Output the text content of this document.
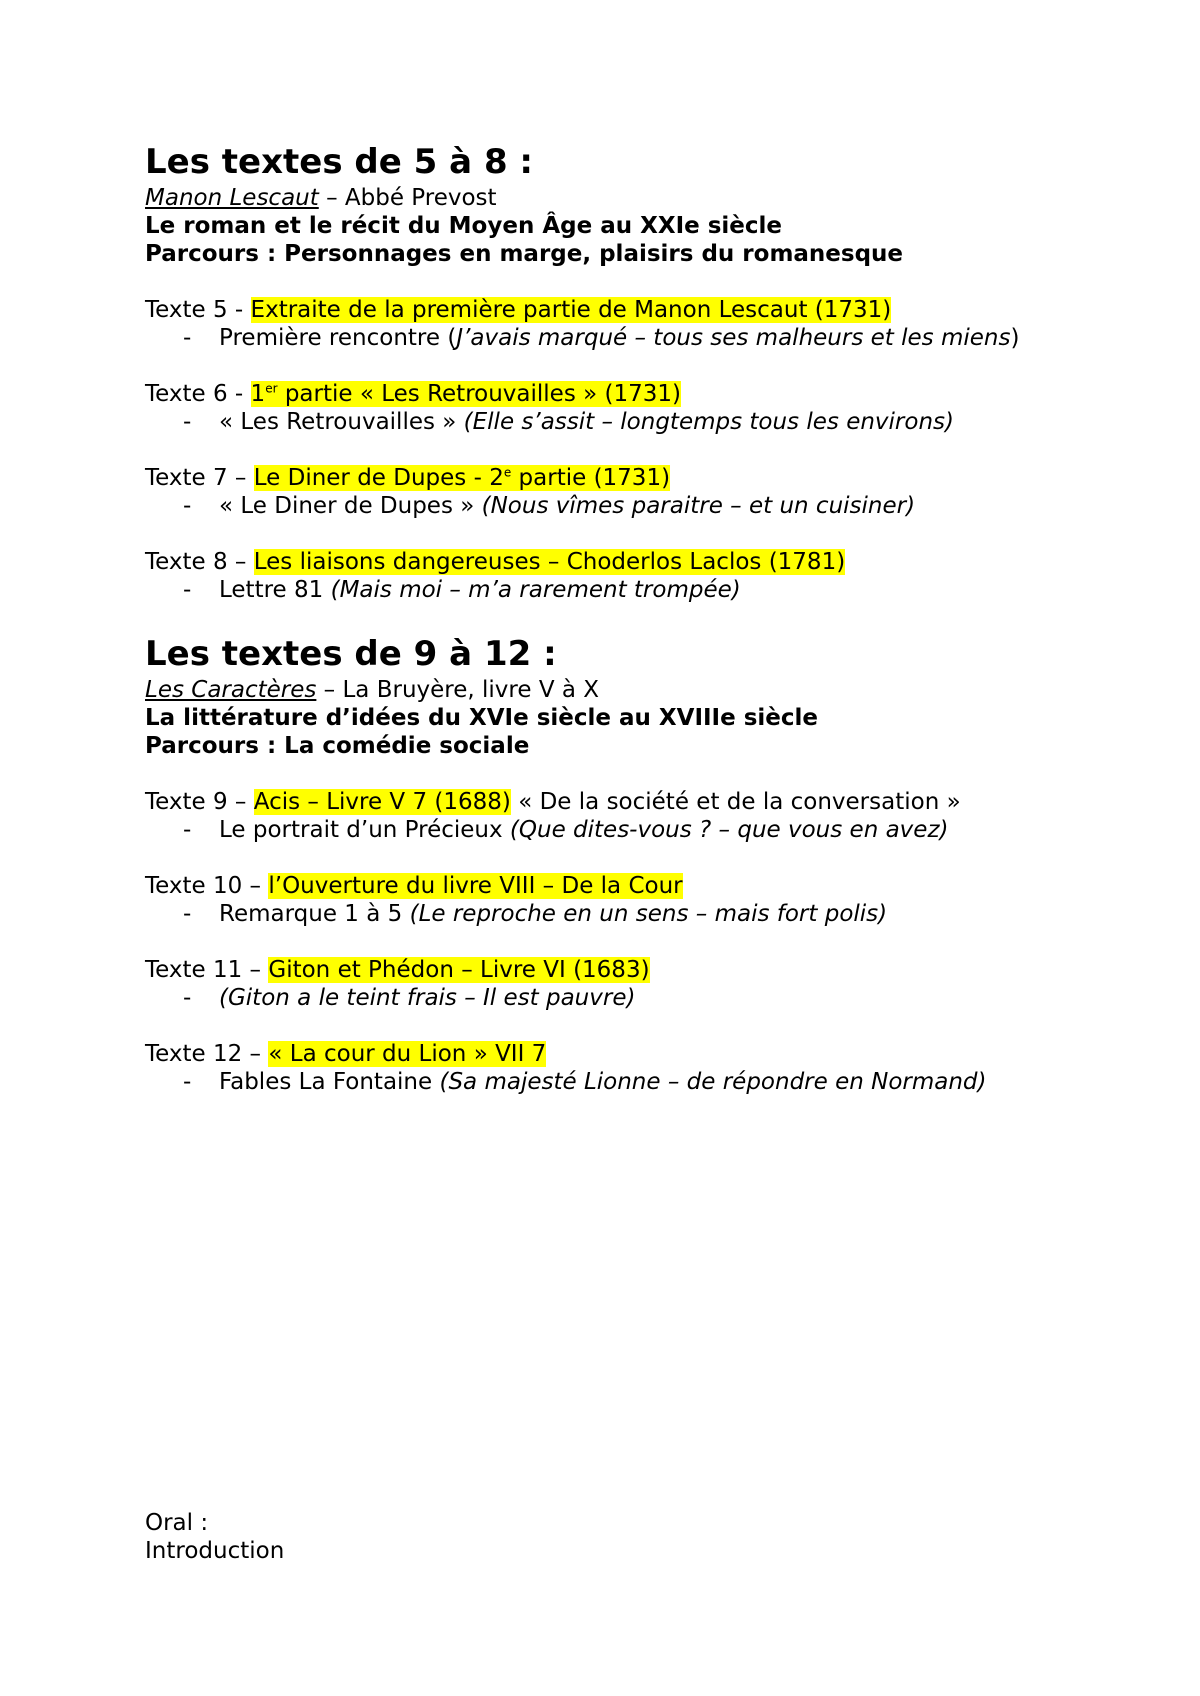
Les textes de 5 à 8 :

Manon Lescaut – Abbé Prevost

Le roman et le récit du Moyen Âge au XXIe siècle

Parcours : Personnages en marge, plaisirs du romanesque

Texte 5 - Extraite de la première partie de Manon Lescaut (1731)

- Première rencontre (J’avais marqué – tous ses malheurs et les miens)

Texte 6 - 1er partie « Les Retrouvailles » (1731)

- « Les Retrouvailles » (Elle s’assit – longtemps tous les environs)

Texte 7 – Le Diner de Dupes - 2e partie (1731)

- « Le Diner de Dupes » (Nous vîmes paraitre – et un cuisiner)

Texte 8 – Les liaisons dangereuses – Choderlos Laclos (1781)

- Lettre 81 (Mais moi – m’a rarement trompée)

Les textes de 9 à 12 :

Les Caractères – La Bruyère, livre V à X

La littérature d’idées du XVIe siècle au XVIIIe siècle

Parcours : La comédie sociale

Texte 9 – Acis – Livre V 7 (1688) « De la société et de la conversation »

- Le portrait d’un Précieux (Que dites-vous ? – que vous en avez)

Texte 10 – l’Ouverture du livre VIII – De la Cour

- Remarque 1 à 5 (Le reproche en un sens – mais fort polis)

Texte 11 – Giton et Phédon – Livre VI (1683)

- (Giton a le teint frais – Il est pauvre)

Texte 12 – « La cour du Lion » VII 7

- Fables La Fontaine (Sa majesté Lionne – de répondre en Normand)

Oral :

Introduction
